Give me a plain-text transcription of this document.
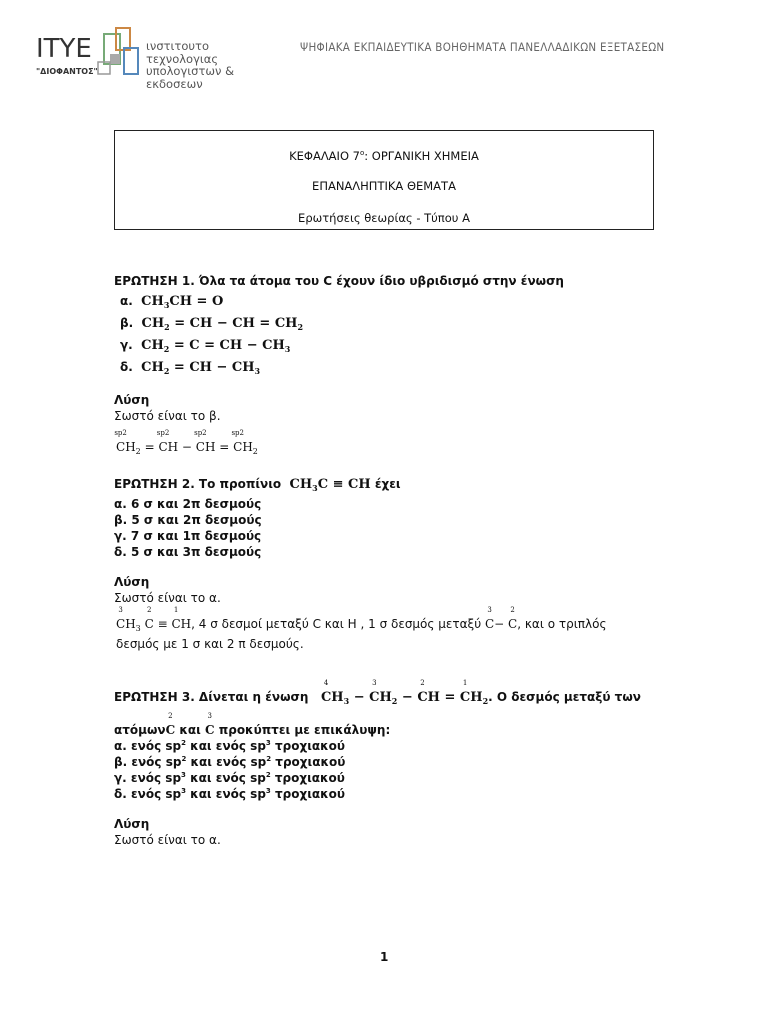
ΙΤΥΕ
"ΔΙΟΦΑΝΤΟΣ"
ινστιτουτο
τεχνολογιας
υπολογιστων & εκδοσεων
ΨΗΦΙΑΚΑ ΕΚΠΑΙΔΕΥΤΙΚΑ ΒΟΗΘΗΜΑΤΑ ΠΑΝΕΛΛΑΔΙΚΩΝ ΕΞΕΤΑΣΕΩΝ
ΚΕΦΑΛΑΙΟ $7^o$: ΟΡΓΑΝΙΚΗ ΧΗΜΕΙΑ
ΕΠΑΝΑΛΗΠΤΙΚΑ ΘΕΜΑΤΑ
Ερωτήσεις θεωρίας - Τύπου Α
ΕΡΩΤΗΣΗ 1. Όλα τα άτομα του C έχουν ίδιο υβριδισμό στην ένωση
α. $CH_3CH = O$
β. $CH_2$ = CH − CH = $CH_2$
γ. $CH_2 = C$ = CH − $CH_3$
δ. $CH_2$ = CH − $CH_3$
Λύση
Σωστό είναι το β.
C
sp2
$H_2 = C$
sp2
H − C
sp2
H = C
sp2
$H_2$
ΕΡΩΤΗΣΗ 2. Το προπίνιο $CH_3C$ ≡ CH έχει
α. 6 σ και 2π δεσμούς
β. 5 σ και 2π δεσμούς
γ. 7 σ και 1π δεσμούς
δ. 5 σ και 3π δεσμούς
Λύση
Σωστό είναι το α.
C
3
$H_3$ C
2
≡ C
1
H, 4 σ δεσμοί μεταξύ C και H , 1 σ δεσμός μεταξύ C
3
− C
2
, και ο τριπλός
δεσμός με 1 σ και 2 π δεσμούς.
ΕΡΩΤΗΣΗ 3. Δίνεται η ένωση C
4
$H_3 - C$
3
$H_2 - C$
2
H = C
1
$H_2$. Ο δεσμός μεταξύ των
ατόμωνC
2
και C
3
προκύπτει με επικάλυψη:
α. ενός $sp^2$ και ενός $sp^3$ τροχιακού
β. ενός $sp^2$ και ενός $sp^2$ τροχιακού
γ. ενός $sp^3$ και ενός $sp^2$ τροχιακού
δ. ενός $sp^3$ και ενός $sp^3$ τροχιακού
Λύση
Σωστό είναι το α.
1
